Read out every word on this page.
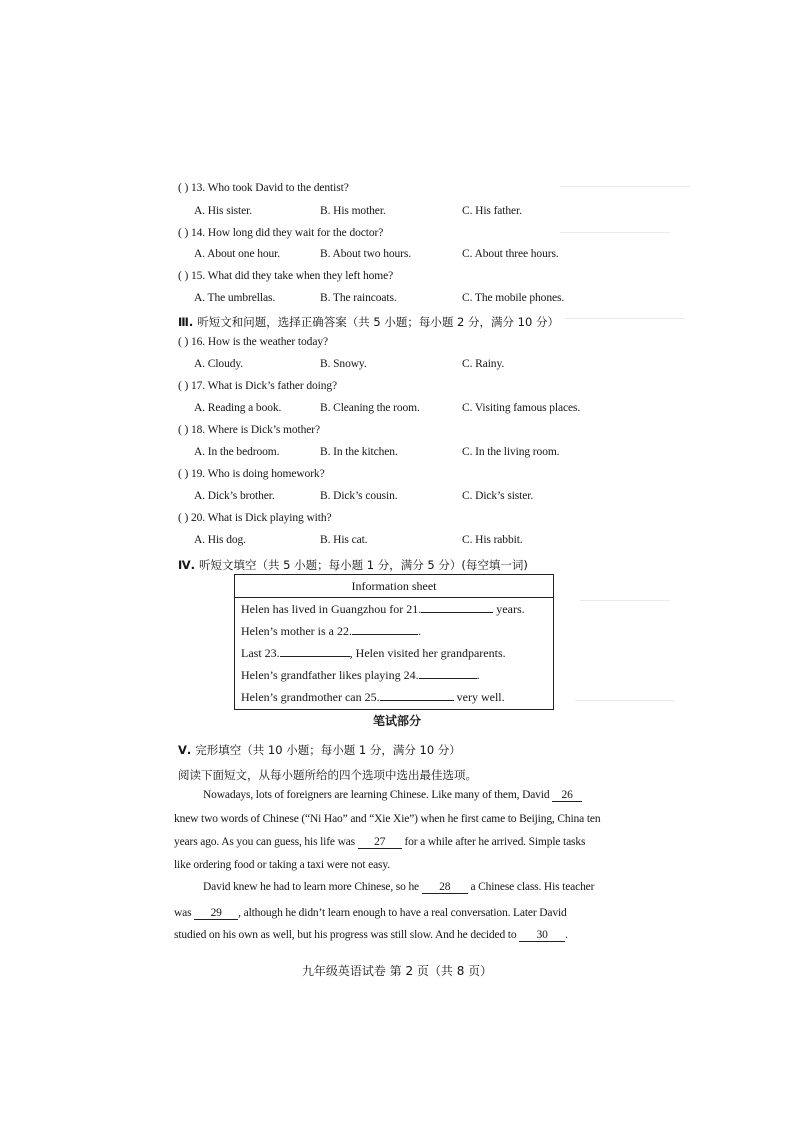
( ) 13. Who took David to the dentist?
A. His sister.	B. His mother.	C. His father.
( ) 14. How long did they wait for the doctor?
A. About one hour.	B. About two hours.	C. About three hours.
( ) 15. What did they take when they left home?
A. The umbrellas.	B. The raincoats.	C. The mobile phones.
Ⅲ. 听短文和问题，选择正确答案（共 5 小题；每小题 2 分，满分 10 分）
( ) 16. How is the weather today?
A. Cloudy.	B. Snowy.	C. Rainy.
( ) 17. What is Dick’s father doing?
A. Reading a book.	B. Cleaning the room.	C. Visiting famous places.
( ) 18. Where is Dick’s mother?
A. In the bedroom.	B. In the kitchen.	C. In the living room.
( ) 19. Who is doing homework?
A. Dick’s brother.	B. Dick’s cousin.	C. Dick’s sister.
( ) 20. What is Dick playing with?
A. His dog.	B. His cat.	C. His rabbit.
Ⅳ. 听短文填空（共 5 小题；每小题 1 分，满分 5 分）(每空填一词)
Information sheet
Helen has lived in Guangzhou for 21.	years.
Helen’s mother is a 22.	.
Last 23.	, Helen visited her grandparents.
Helen’s grandfather likes playing 24.	.
Helen’s grandmother can 25.	very well.
笔试部分
Ⅴ. 完形填空（共 10 小题；每小题 1 分，满分 10 分）
阅读下面短文，从每小题所给的四个选项中选出最佳选项。
Nowadays, lots of foreigners are learning Chinese. Like many of them, David 26
knew two words of Chinese (“Ni Hao” and “Xie Xie”) when he first came to Beijing, China ten
years ago. As you can guess, his life was 27 for a while after he arrived. Simple tasks
like ordering food or taking a taxi were not easy.
David knew he had to learn more Chinese, so he 28 a Chinese class. His teacher
was 29 , although he didn’t learn enough to have a real conversation. Later David
studied on his own as well, but his progress was still slow. And he decided to 30 .
九年级英语试卷 第 2 页（共 8 页）
